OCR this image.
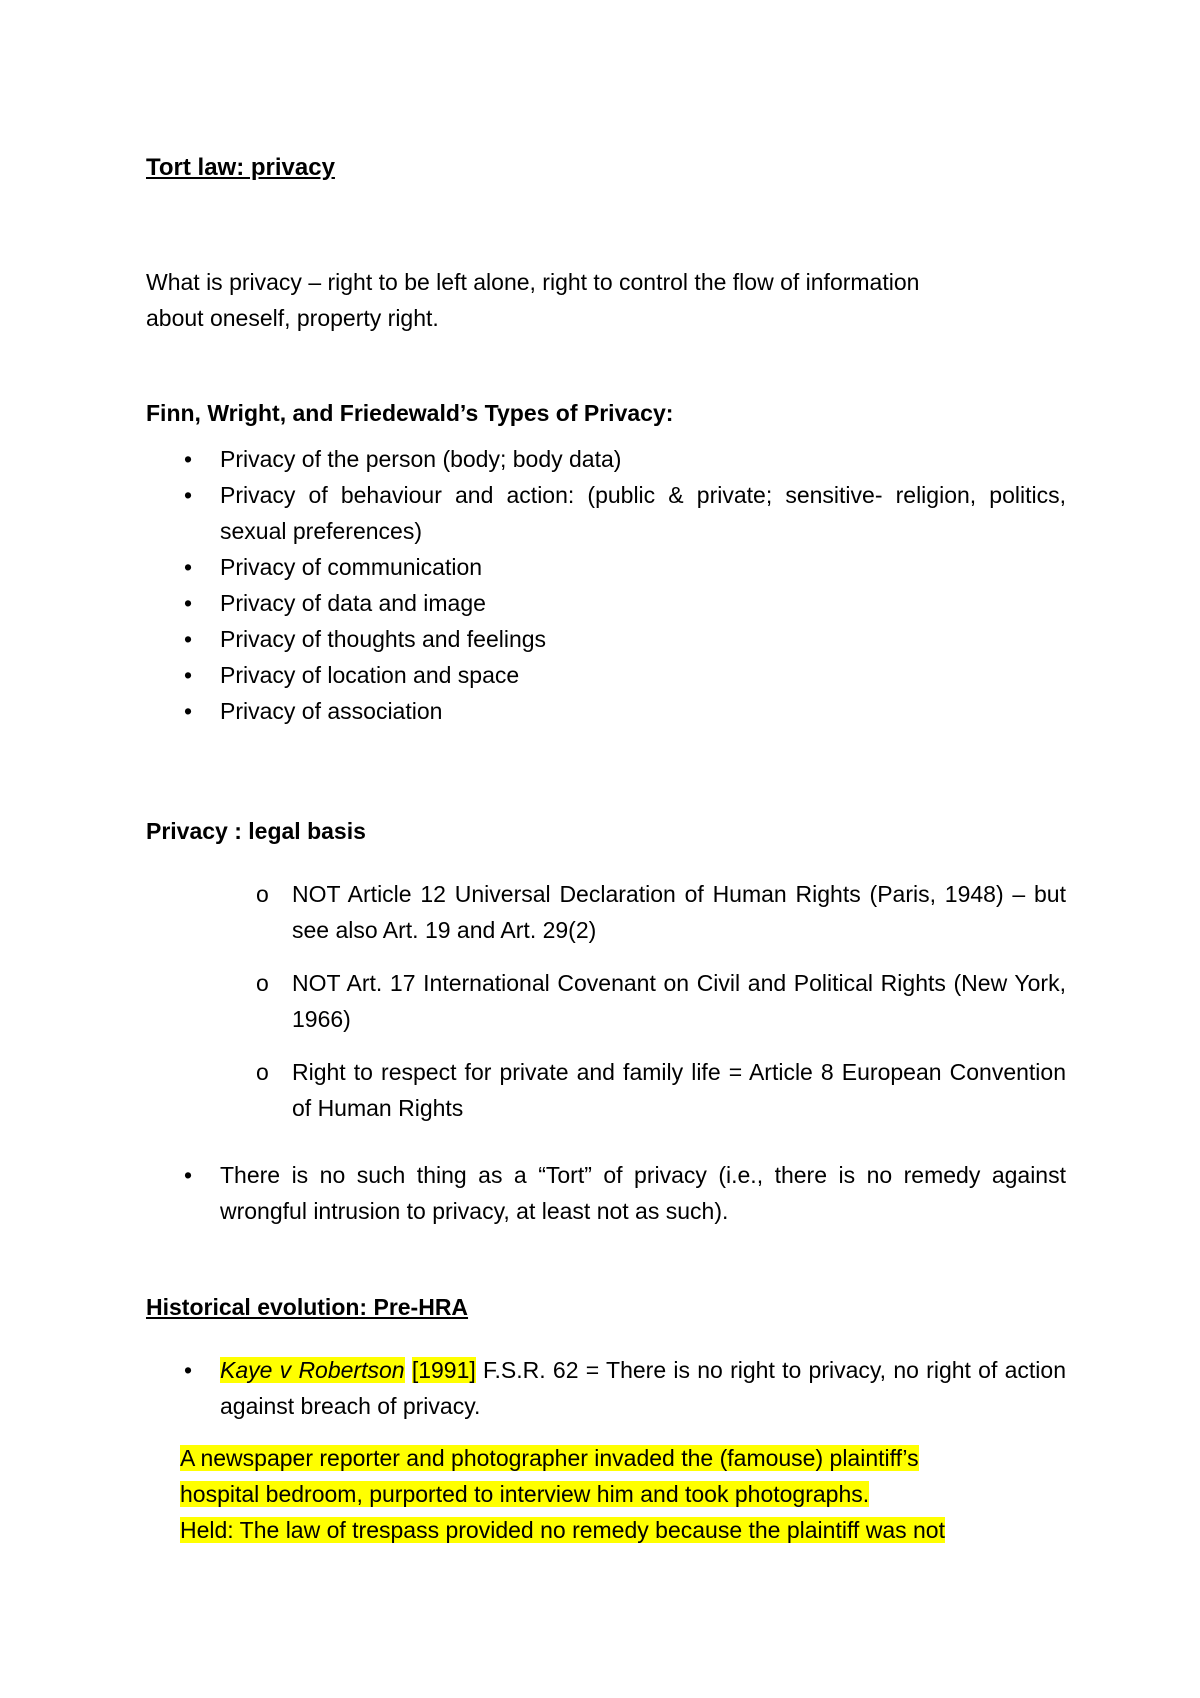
Tort law: privacy
What is privacy – right to be left alone, right to control the flow of information
about oneself, property right.
Finn, Wright, and Friedewald’s Types of Privacy:
• Privacy of the person (body; body data)
• Privacy of behaviour and action: (public & private; sensitive- religion, politics, sexual preferences)
• Privacy of communication
• Privacy of data and image
• Privacy of thoughts and feelings
• Privacy of location and space
• Privacy of association
Privacy : legal basis
o NOT Article 12 Universal Declaration of Human Rights (Paris, 1948) – but see also Art. 19 and Art. 29(2)
o NOT Art. 17 International Covenant on Civil and Political Rights (New York, 1966)
o Right to respect for private and family life = Article 8 European Convention of Human Rights
• There is no such thing as a “Tort” of privacy (i.e., there is no remedy against wrongful intrusion to privacy, at least not as such).
Historical evolution: Pre-HRA
• Kaye v Robertson [1991] F.S.R. 62 = There is no right to privacy, no right of action against breach of privacy.
A newspaper reporter and photographer invaded the (famouse) plaintiff’s
hospital bedroom, purported to interview him and took photographs.
Held: The law of trespass provided no remedy because the plaintiff was not
